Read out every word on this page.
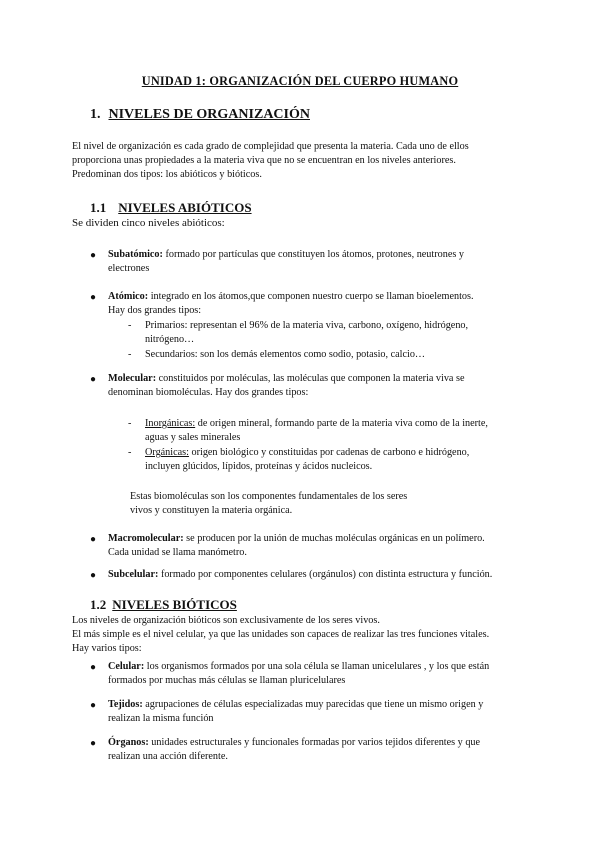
UNIDAD 1: ORGANIZACIÓN DEL CUERPO HUMANO
1. NIVELES DE ORGANIZACIÓN
El nivel de organización es cada grado de complejidad que presenta la materia. Cada uno de ellos
proporciona unas propiedades a la materia viva que no se encuentran en los niveles anteriores.
Predominan dos tipos: los abióticos y bióticos.
1.1 NIVELES ABIÓTICOS
Se dividen cinco niveles abióticos:
● Subatómico: formado por partículas que constituyen los átomos, protones, neutrones y
electrones
● Atómico: integrado en los átomos,que componen nuestro cuerpo se llaman bioelementos.
Hay dos grandes tipos:
- Primarios: representan el 96% de la materia viva, carbono, oxígeno, hidrógeno,
nitrógeno…
- Secundarios: son los demás elementos como sodio, potasio, calcio…
● Molecular: constituidos por moléculas, las moléculas que componen la materia viva se
denominan biomoléculas. Hay dos grandes tipos:
- Inorgánicas: de origen mineral, formando parte de la materia viva como de la inerte,
aguas y sales minerales
- Orgánicas: origen biológico y constituidas por cadenas de carbono e hidrógeno,
incluyen glúcidos, lípidos, proteínas y ácidos nucleicos.
Estas biomoléculas son los componentes fundamentales de los seres
vivos y constituyen la materia orgánica.
● Macromolecular: se producen por la unión de muchas moléculas orgánicas en un polímero.
Cada unidad se llama manómetro.
● Subcelular: formado por componentes celulares (orgánulos) con distinta estructura y función.
1.2 NIVELES BIÓTICOS
Los niveles de organización bióticos son exclusivamente de los seres vivos.
El más simple es el nivel celular, ya que las unidades son capaces de realizar las tres funciones vitales.
Hay varios tipos:
● Celular: los organismos formados por una sola célula se llaman unicelulares , y los que están
formados por muchas más células se llaman pluricelulares
● Tejidos: agrupaciones de células especializadas muy parecidas que tiene un mismo origen y
realizan la misma función
● Órganos: unidades estructurales y funcionales formadas por varios tejidos diferentes y que
realizan una acción diferente.
